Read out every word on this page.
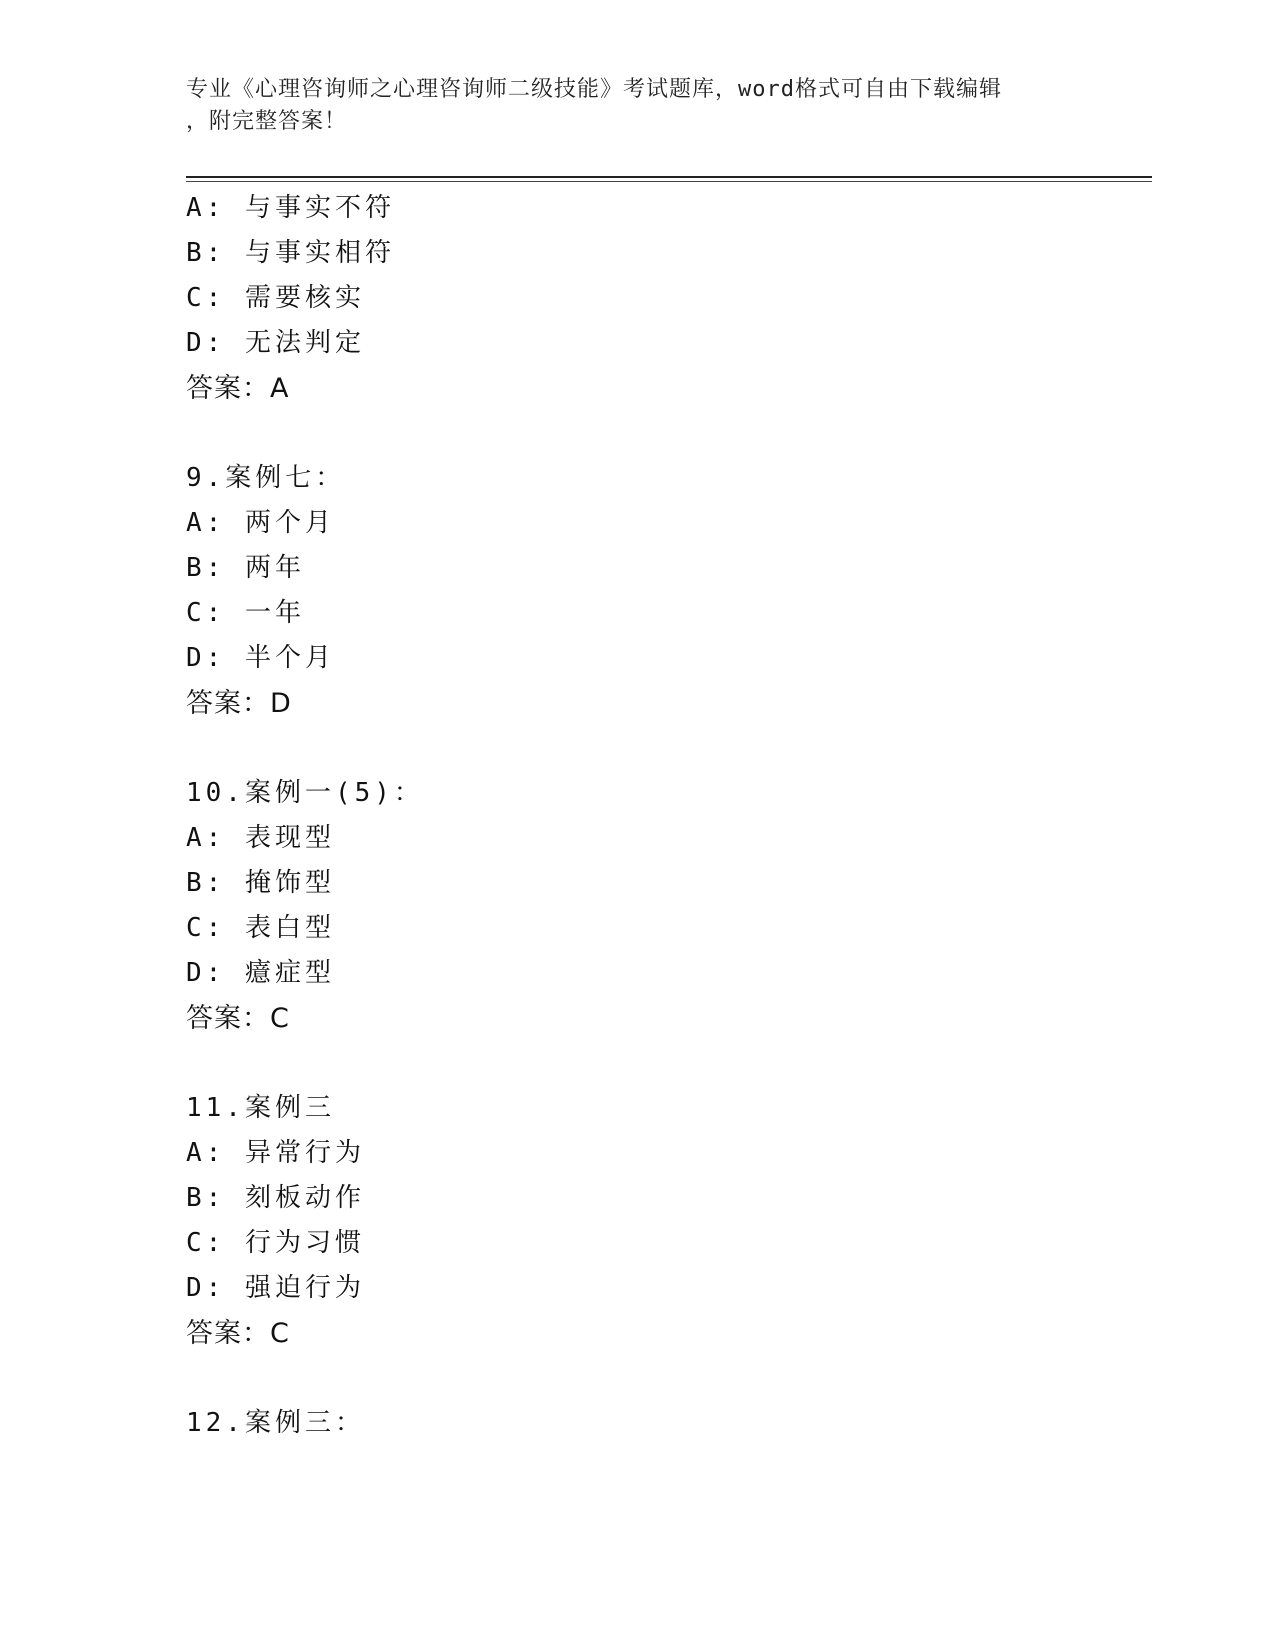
专业《心理咨询师之心理咨询师二级技能》考试题库，word格式可自由下载编辑
，附完整答案！
A: 与事实不符
B: 与事实相符
C: 需要核实
D: 无法判定
答案：A
9.案例七：
A: 两个月
B: 两年
C: 一年
D: 半个月
答案：D
10.案例一(5)：
A: 表现型
B: 掩饰型
C: 表白型
D: 癔症型
答案：C
11.案例三
A: 异常行为
B: 刻板动作
C: 行为习惯
D: 强迫行为
答案：C
12.案例三：
